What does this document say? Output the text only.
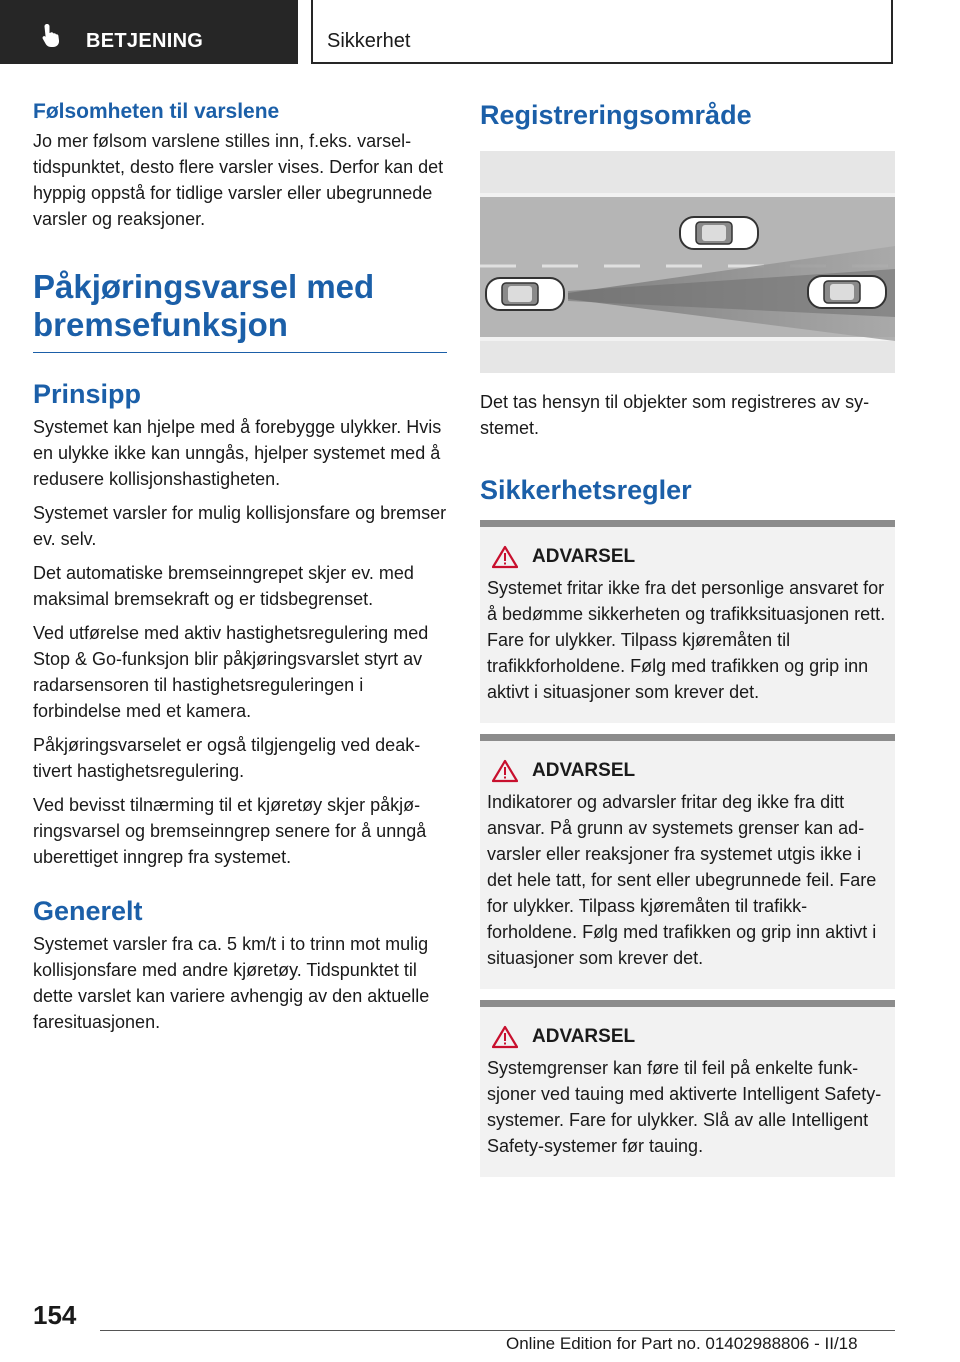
BETJENING	Sikkerhet
Følsomheten til varslene

Jo mer følsom varslene stilles inn, f.eks. varseltidspunktet, desto flere varsler vises. Derfor kan det hyppig oppstå for tidlige varsler eller ubegrunnede varsler og reaksjoner.

Påkjøringsvarsel med
bremsefunksjon
Prinsipp

Systemet kan hjelpe med å forebygge ulykker. Hvis en ulykke ikke kan unngås, hjelper systemet med å redusere kollisjonshastigheten.

Systemet varsler for mulig kollisjonsfare og bremser ev. selv.

Det automatiske bremseinngrepet skjer ev. med maksimal bremsekraft og er tidsbegrenset.

Ved utførelse med aktiv hastighetsregulering med Stop & Go-funksjon blir påkjøringsvarslet styrt av radarsensoren til hastighetsreguleringen i forbindelse med et kamera.

Påkjøringsvarselet er også tilgjengelig ved deaktivert hastighetsregulering.

Ved bevisst tilnærming til et kjøretøy skjer påkjøringsvarsel og bremseinngrep senere for å unngå uberettiget inngrep fra systemet.

Generelt

Systemet varsler fra ca. 5 km/t i to trinn mot mulig kollisjonsfare med andre kjøretøy. Tidspunktet til dette varslet kan variere avhengig av den aktuelle faresituasjonen.

Registreringsområde

Det tas hensyn til objekter som registreres av systemet.

Sikkerhetsregler
ADVARSEL

Systemet fritar ikke fra det personlige ansvaret for å bedømme sikkerheten og trafikksituasjonen rett. Fare for ulykker. Tilpass kjøremåten til trafikkforholdene. Følg med trafikken og grip inn aktivt i situasjoner som krever det.

ADVARSEL

Indikatorer og advarsler fritar deg ikke fra ditt ansvar. På grunn av systemets grenser kan advarsler eller reaksjoner fra systemet utgis ikke i det hele tatt, for sent eller ubegrunnede feil. Fare for ulykker. Tilpass kjøremåten til trafikkforholdene. Følg med trafikken og grip inn aktivt i situasjoner som krever det.

ADVARSEL

Systemgrenser kan føre til feil på enkelte funksjoner ved tauing med aktiverte Intelligent Safety-systemer. Fare for ulykker. Slå av alle Intelligent Safety-systemer før tauing.

154
Online Edition for Part no. 01402988806 - II/18
